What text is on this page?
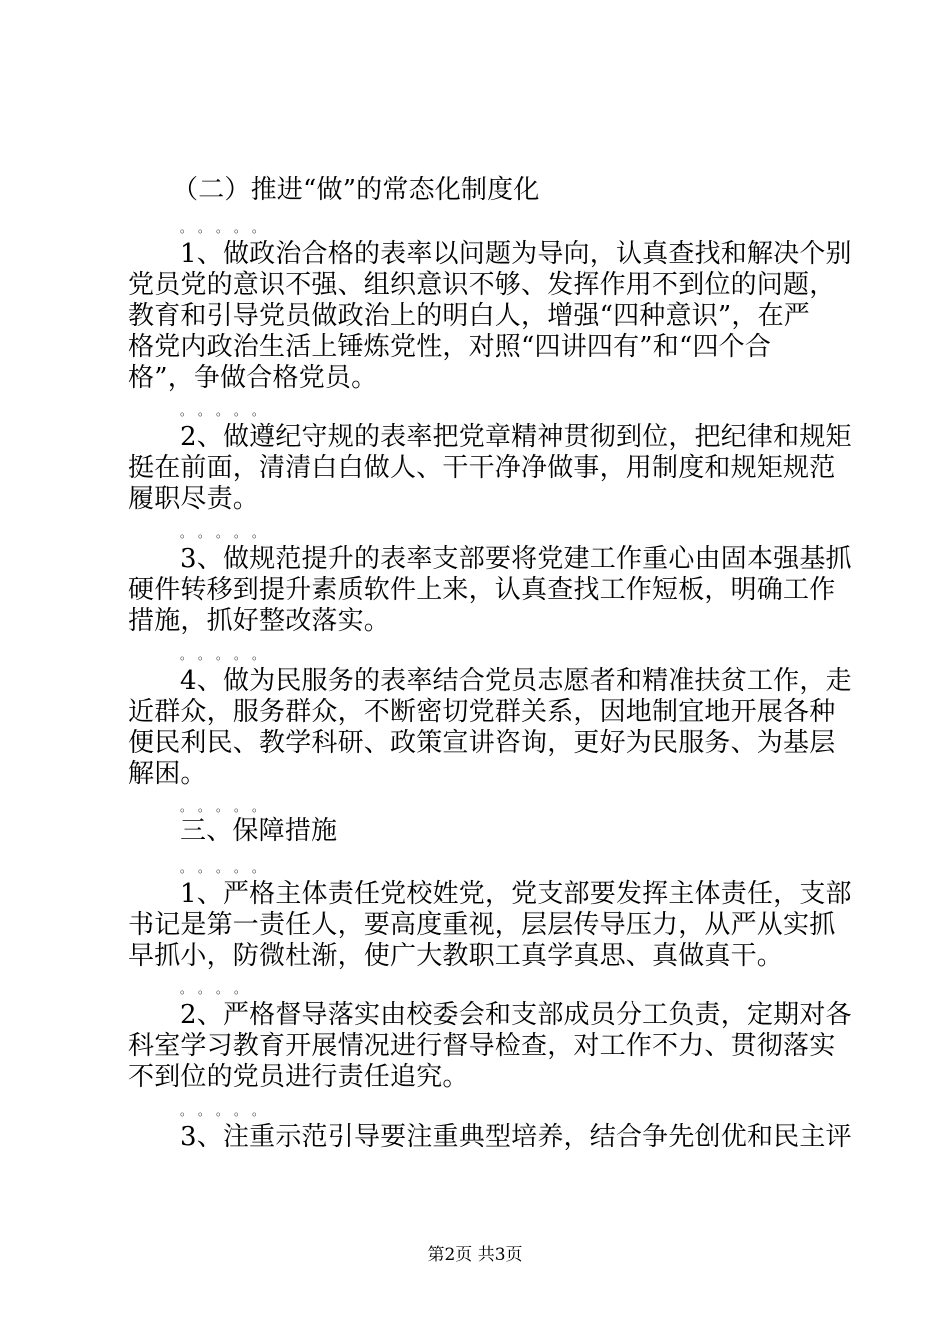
（二）推进“做”的常态化制度化
。。。。。
1、做政治合格的表率以问题为导向，认真查找和解决个别
党员党的意识不强、组织意识不够、发挥作用不到位的问题，
教育和引导党员做政治上的明白人，增强“四种意识”，在严
格党内政治生活上锤炼党性，对照“四讲四有”和“四个合
格”，争做合格党员。
。。。。。
2、做遵纪守规的表率把党章精神贯彻到位，把纪律和规矩
挺在前面，清清白白做人、干干净净做事，用制度和规矩规范
履职尽责。
。。。。。
3、做规范提升的表率支部要将党建工作重心由固本强基抓
硬件转移到提升素质软件上来，认真查找工作短板，明确工作
措施，抓好整改落实。
。。。。。
4、做为民服务的表率结合党员志愿者和精准扶贫工作，走
近群众，服务群众，不断密切党群关系，因地制宜地开展各种
便民利民、教学科研、政策宣讲咨询，更好为民服务、为基层
解困。
。。。。。
三、保障措施
。。。。。
1、严格主体责任党校姓党，党支部要发挥主体责任，支部
书记是第一责任人，要高度重视，层层传导压力，从严从实抓
早抓小，防微杜渐，使广大教职工真学真思、真做真干。
。。。。
2、严格督导落实由校委会和支部成员分工负责，定期对各
科室学习教育开展情况进行督导检查，对工作不力、贯彻落实
不到位的党员进行责任追究。
。。。。。
3、注重示范引导要注重典型培养，结合争先创优和民主评
第2页 共3页
